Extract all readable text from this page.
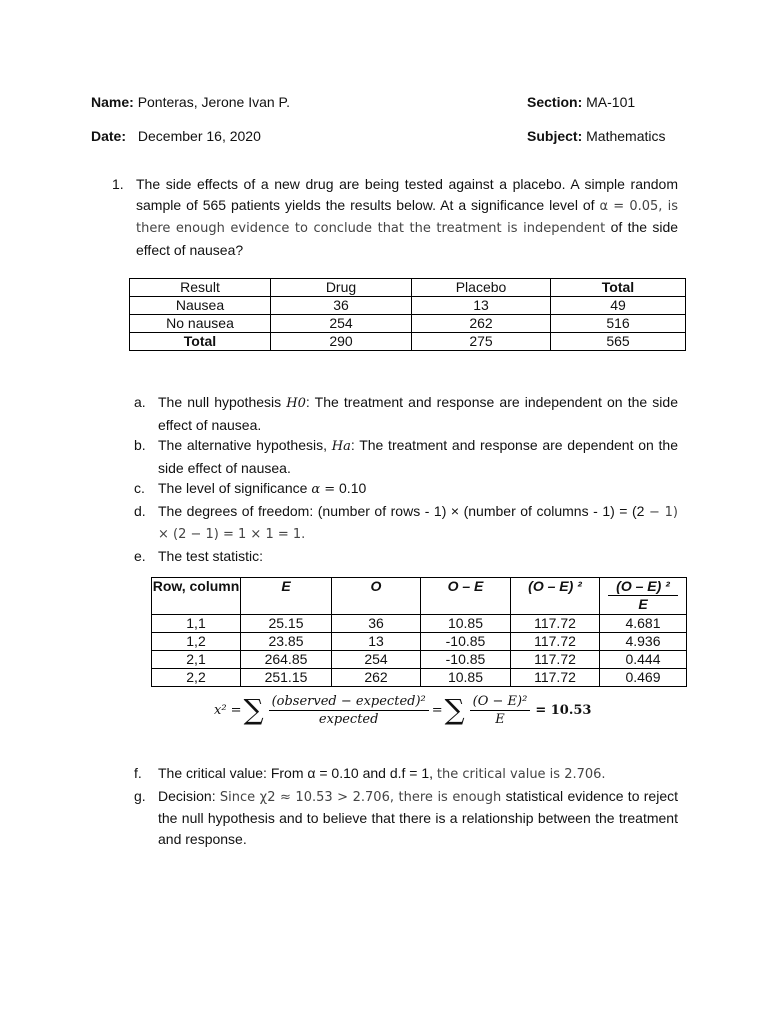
Name: Ponteras, Jerone Ivan P.	Section: MA-101
Date: December 16, 2020	Subject: Mathematics
1. The side effects of a new drug are being tested against a placebo. A simple random sample of 565 patients yields the results below. At a significance level of α = 0.05, is there enough evidence to conclude that the treatment is independent of the side effect of nausea?
Result	Drug	Placebo	Total
Nausea	36	13	49
No nausea	254	262	516
Total	290	275	565
a. The null hypothesis H0: The treatment and response are independent on the side effect of nausea.
b. The alternative hypothesis, Ha: The treatment and response are dependent on the side effect of nausea.
c. The level of significance α = 0.10
d. The degrees of freedom: (number of rows - 1) × (number of columns - 1) = (2 − 1) × (2 − 1) = 1 × 1 = 1.
e. The test statistic:
Row, column	E	O	O – E	(O – E) ²	(O – E) ²
E

1,1	25.15	36	10.85	117.72	4.681
1,2	23.85	13	-10.85	117.72	4.936
2,1	264.85	254	-10.85	117.72	0.444
2,2	251.15	262	10.85	117.72	0.469
x² = ∑ $\frac{\text{(observed − expected)²}}{\text{expected}}$ = ∑ $\frac{\text{(O − E)²}}{E} = 10.53$
f. The critical value: From α = 0.10 and d.f = 1, the critical value is 2.706.
g. Decision: Since χ2 ≈ 10.53 > 2.706, there is enough statistical evidence to reject the null hypothesis and to believe that there is a relationship between the treatment and response.
